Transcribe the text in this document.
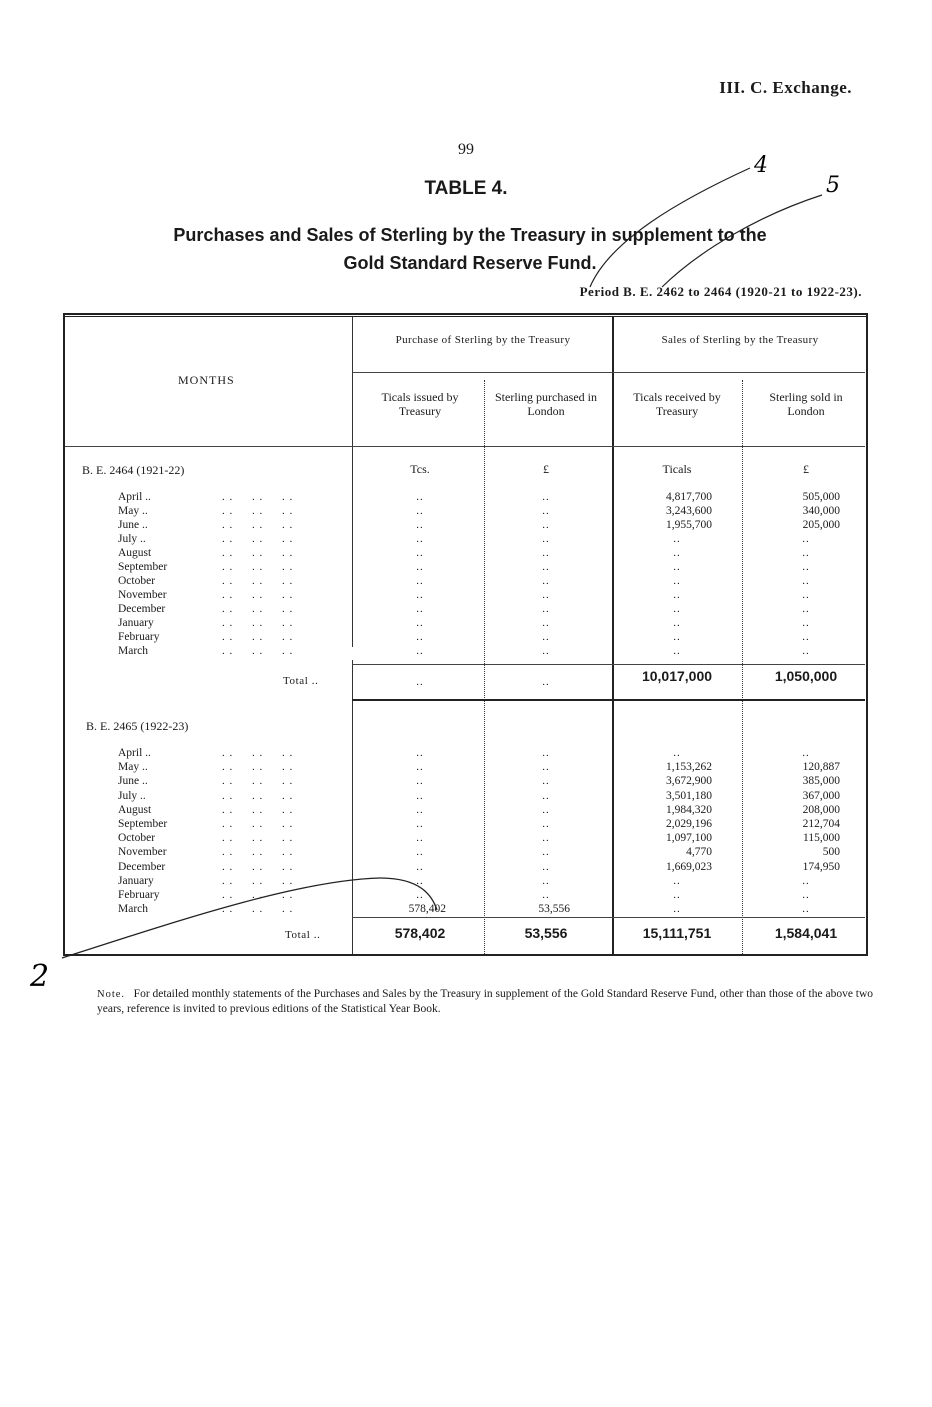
III. C. Exchange.
99
TABLE 4.
Purchases and Sales of Sterling by the Treasury in supplement to the
Gold Standard Reserve Fund.
Period B. E. 2462 to 2464 (1920-21 to 1922-23).
Purchase of Sterling by the Treasury	Sales of Sterling by the Treasury
MONTHS
Ticals issued by Treasury
Sterling purchased in London
Ticals received by Treasury
Sterling sold in London
B. E. 2464 (1921-22)	Tcs.	£	Ticals	£
April ..	. .     . .     . .	..	..	4,817,700	505,000
May ..	. .     . .     . .	..	..	3,243,600	340,000
June ..	. .     . .     . .	..	..	1,955,700	205,000
July ..	. .     . .     . .	..	..	..	..
August	. .     . .     . .	..	..	..	..
September	. .     . .     . .	..	..	..	..
October	. .     . .     . .	..	..	..	..
November	. .     . .     . .	..	..	..	..
December	. .     . .     . .	..	..	..	..
January	. .     . .     . .	..	..	..	..
February	. .     . .     . .	..	..	..	..
March	. .     . .     . .	..	..	..	..
Total ..	..	..	10,017,000	1,050,000
B. E. 2465 (1922-23)
April ..	. .     . .     . .	..	..	..	..
May ..	. .     . .     . .	..	..	1,153,262	120,887
June ..	. .     . .     . .	..	..	3,672,900	385,000
July ..	. .     . .     . .	..	..	3,501,180	367,000
August	. .     . .     . .	..	..	1,984,320	208,000
September	. .     . .     . .	..	..	2,029,196	212,704
October	. .     . .     . .	..	..	1,097,100	115,000
November	. .     . .     . .	..	..	4,770	500
December	. .     . .     . .	..	..	1,669,023	174,950
January	. .     . .     . .	..	..	..	..
February	. .     . .     . .	..	..	..	..
March	. .     . .     . .	578,402	53,556	..	..
Total ..	578,402	53,556	15,111,751	1,584,041
Note. For detailed monthly statements of the Purchases and Sales by the Treasury in supplement of the Gold Standard Reserve Fund, other than those of the above two years, reference is invited to previous editions of the Statistical Year Book.
4
5
2
